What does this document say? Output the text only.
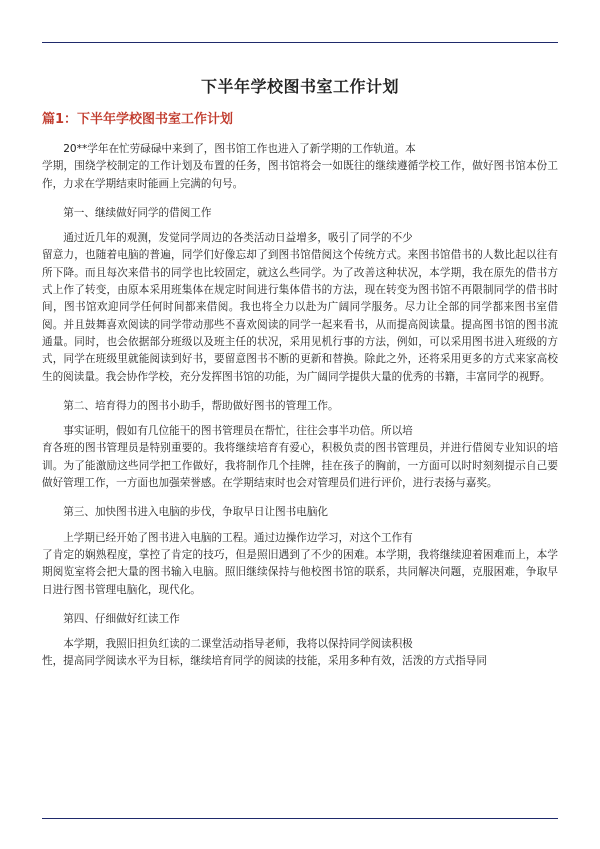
下半年学校图书室工作计划
篇1：下半年学校图书室工作计划

20**学年在忙劳碌碌中来到了，图书馆工作也进入了新学期的工作轨道。本
学期，围绕学校制定的工作计划及布置的任务，图书馆将会一如既往的继续遵循学校工作，做好图书馆本份工作，力求在学期结束时能画上完满的句号。

第一、继续做好同学的借阅工作

通过近几年的观测，发觉同学周边的各类活动日益增多，吸引了同学的不少
留意力，也随着电脑的普遍，同学们好像忘却了到图书馆借阅这个传统方式。来图书馆借书的人数比起以往有所下降。而且每次来借书的同学也比较固定，就这么些同学。为了改善这种状况，本学期，我在原先的借书方式上作了转变，由原本采用班集体在规定时间进行集体借书的方法，现在转变为图书馆不再限制同学的借书时间，图书馆欢迎同学任何时间都来借阅。我也将全力以赴为广阔同学服务。尽力让全部的同学都来图书室借阅。并且鼓舞喜欢阅读的同学带动那些不喜欢阅读的同学一起来看书，从而提高阅读量。提高图书馆的图书流通量。同时，也会依据部分班级以及班主任的状况，采用见机行事的方法，例如，可以采用图书进入班级的方式，同学在班级里就能阅读到好书，要留意图书不断的更新和替换。除此之外，还将采用更多的方式来家高校生的阅读量。我会协作学校，充分发挥图书馆的功能，为广阔同学提供大量的优秀的书籍，丰富同学的视野。

第二、培育得力的图书小助手，帮助做好图书的管理工作。

事实证明，假如有几位能干的图书管理员在帮忙，往往会事半功倍。所以培
育各班的图书管理员是特别重要的。我将继续培育有爱心，积极负责的图书管理员，并进行借阅专业知识的培训。为了能激励这些同学把工作做好，我将制作几个挂牌，挂在孩子的胸前，一方面可以时时刻刻提示自己要做好管理工作，一方面也加强荣誉感。在学期结束时也会对管理员们进行评价，进行表扬与嘉奖。

第三、加快图书进入电脑的步伐，争取早日让图书电脑化

上学期已经开始了图书进入电脑的工程。通过边操作边学习，对这个工作有
了肯定的娴熟程度，掌控了肯定的技巧，但是照旧遇到了不少的困难。本学期，我将继续迎着困难而上，本学期阅览室将会把大量的图书输入电脑。照旧继续保持与他校图书馆的联系，共同解决问题，克服困难，争取早日进行图书管理电脑化，现代化。

第四、仔细做好红读工作

本学期，我照旧担负红读的二课堂活动指导老师，我将以保持同学阅读积极
性，提高同学阅读水平为目标，继续培育同学的阅读的技能，采用多种有效，活泼的方式指导同
